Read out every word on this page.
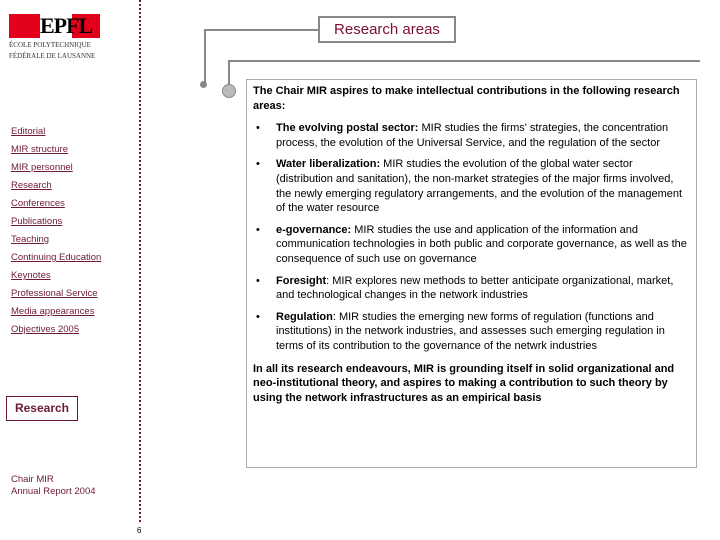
EPFL
ÉCOLE POLYTECHNIQUE
FÉDÉRALE DE LAUSANNE
6
Editorial
MIR structure
MIR personnel
Research
Conferences
Publications
Teaching
Continuing Education
Keynotes
Professional Service
Media appearances
Objectives 2005
Research areas
The Chair MIR aspires to make intellectual contributions in the following research areas:
• The evolving postal sector: MIR studies the firms' strategies, the concentration process, the evolution of the Universal Service, and the regulation of the sector
• Water liberalization: MIR studies the evolution of the global water sector (distribution and sanitation), the non-market strategies of the major firms involved, the newly emerging regulatory arrangements, and the evolution of the management of the water resource
• e-governance: MIR studies the use and application of the information and communication technologies in both public and corporate governance, as well as the consequence of such use on governance
• Foresight: MIR explores new methods to better anticipate organizational, market, and technological changes in the network industries
• Regulation: MIR studies the emerging new forms of regulation (functions and institutions) in the network industries, and assesses such emerging regulation in terms of its contribution to the governance of the netwrk industries
In all its research endeavours, MIR is grounding itself in solid organizational and neo-institutional theory, and aspires to making a contribution to such theory by using the network infrastructures as an empirical basis
Research
Chair MIR
Annual Report 2004
